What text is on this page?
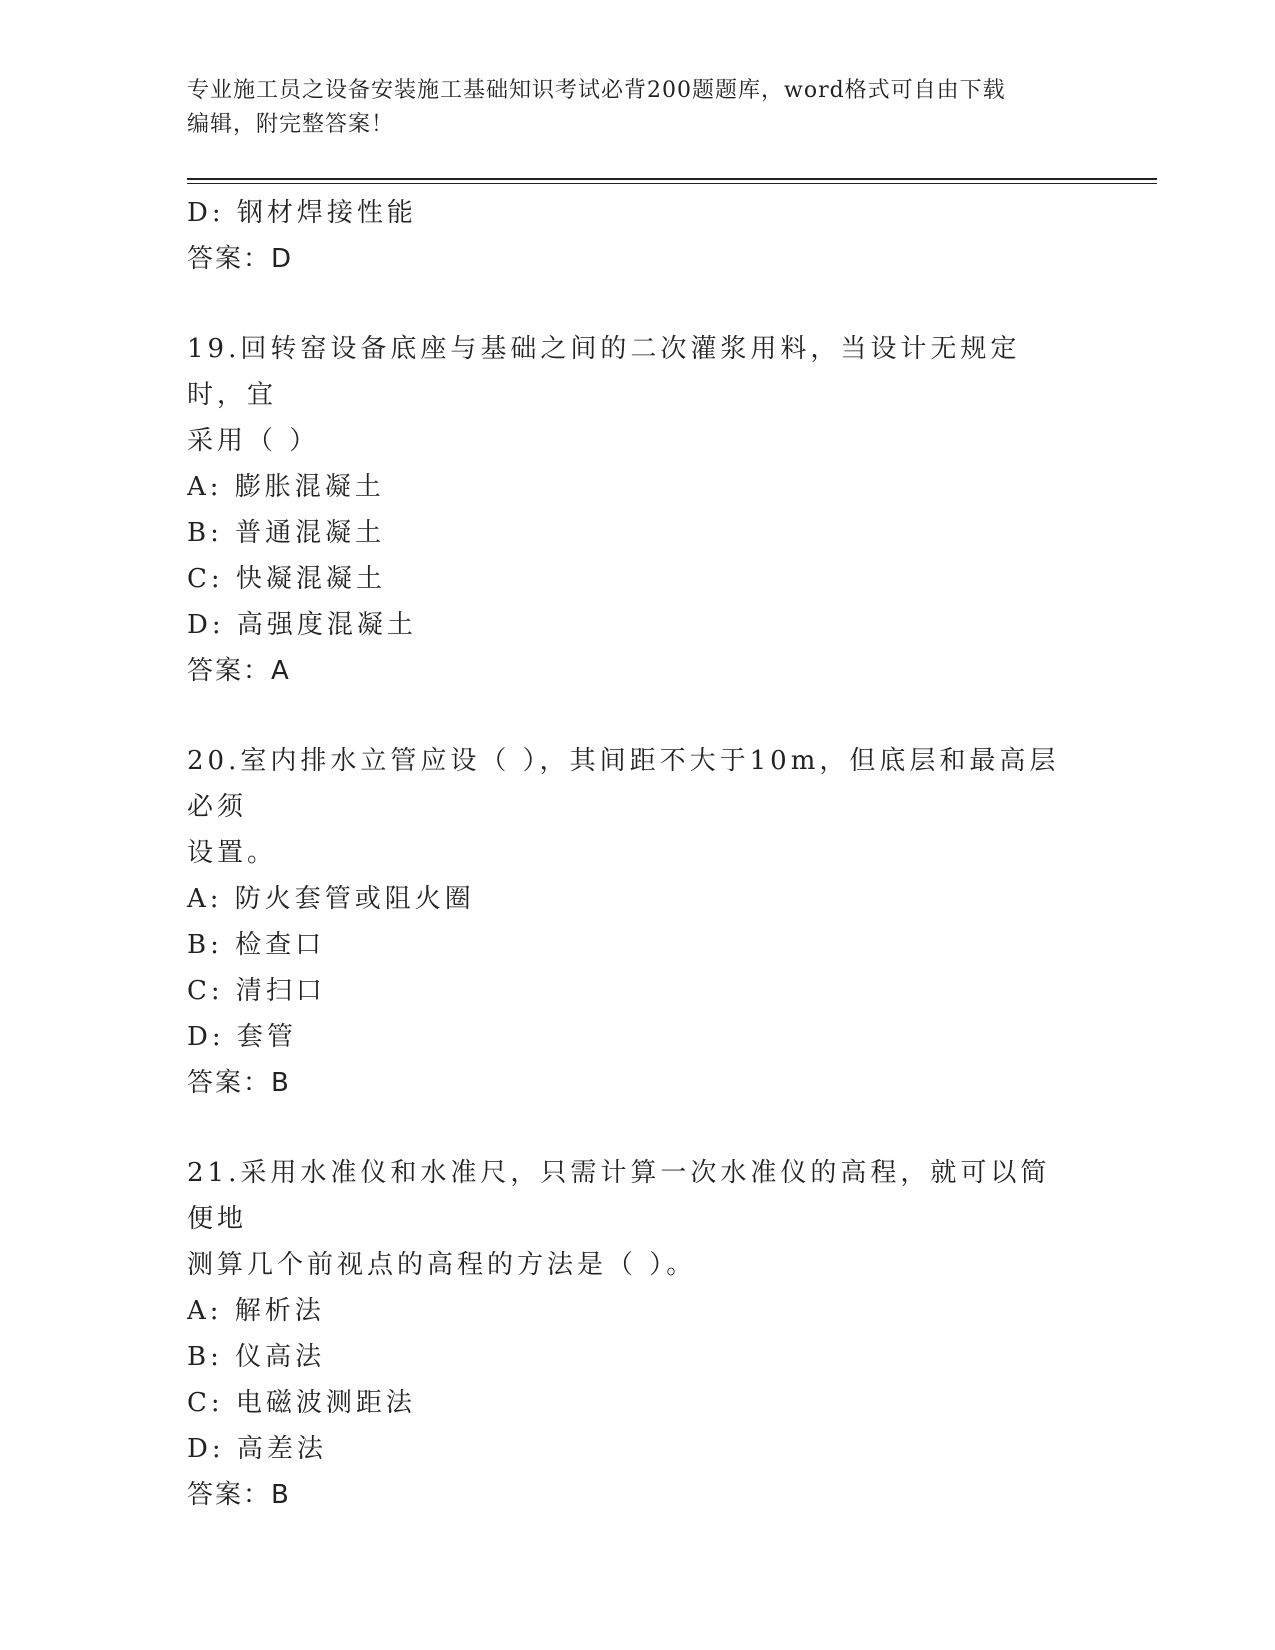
专业施工员之设备安装施工基础知识考试必背200题题库，word格式可自由下载
编辑，附完整答案！
D: 钢材焊接性能
答案：D
19.回转窑设备底座与基础之间的二次灌浆用料，当设计无规定时，宜
采用（ ）
A: 膨胀混凝土
B: 普通混凝土
C: 快凝混凝土
D: 高强度混凝土
答案：A
20.室内排水立管应设（ ），其间距不大于10m，但底层和最高层必须
设置。
A: 防火套管或阻火圈
B: 检查口
C: 清扫口
D: 套管
答案：B
21.采用水准仪和水准尺，只需计算一次水准仪的高程，就可以简便地
测算几个前视点的高程的方法是（ ）。
A: 解析法
B: 仪高法
C: 电磁波测距法
D: 高差法
答案：B
